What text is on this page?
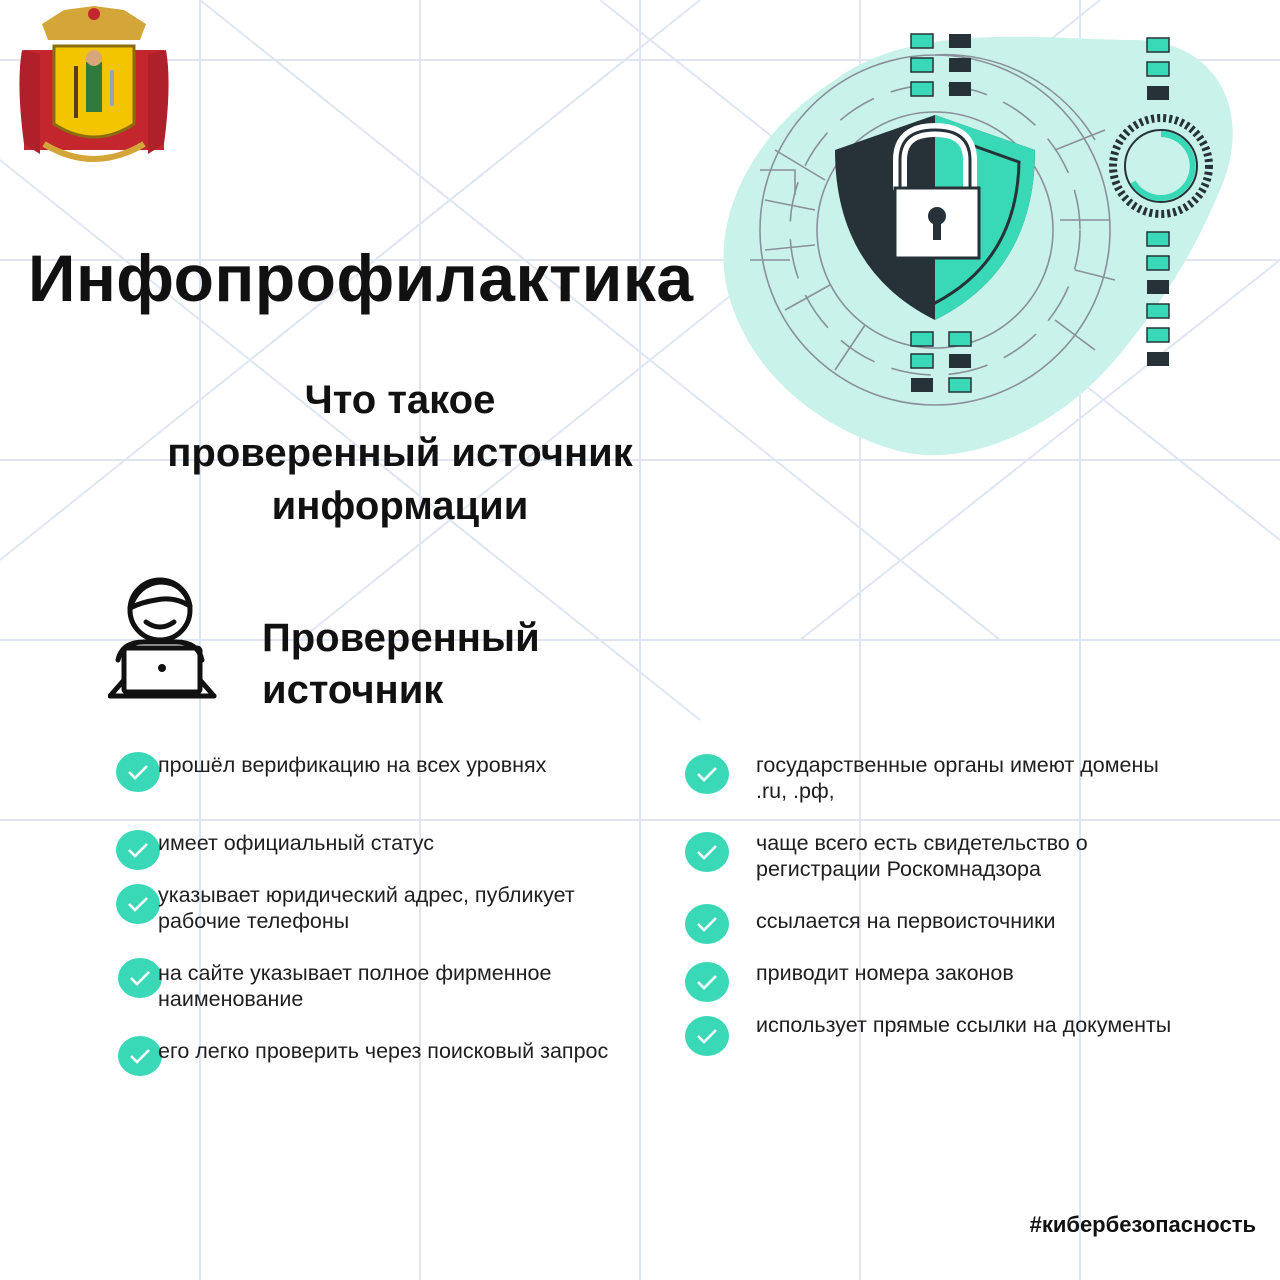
Инфопрофилактика
Что такое
проверенный источник
информации
Проверенный
источник
прошёл верификацию на всех уровнях
имеет официальный статус
указывает юридический адрес, публикует рабочие телефоны
на сайте указывает полное фирменное наименование
его легко проверить через поисковый запрос
государственные органы имеют домены .ru, .рф,
чаще всего есть свидетельство о регистрации Роскомнадзора
ссылается на первоисточники
приводит номера законов
использует прямые ссылки на документы
#кибербезопасность
